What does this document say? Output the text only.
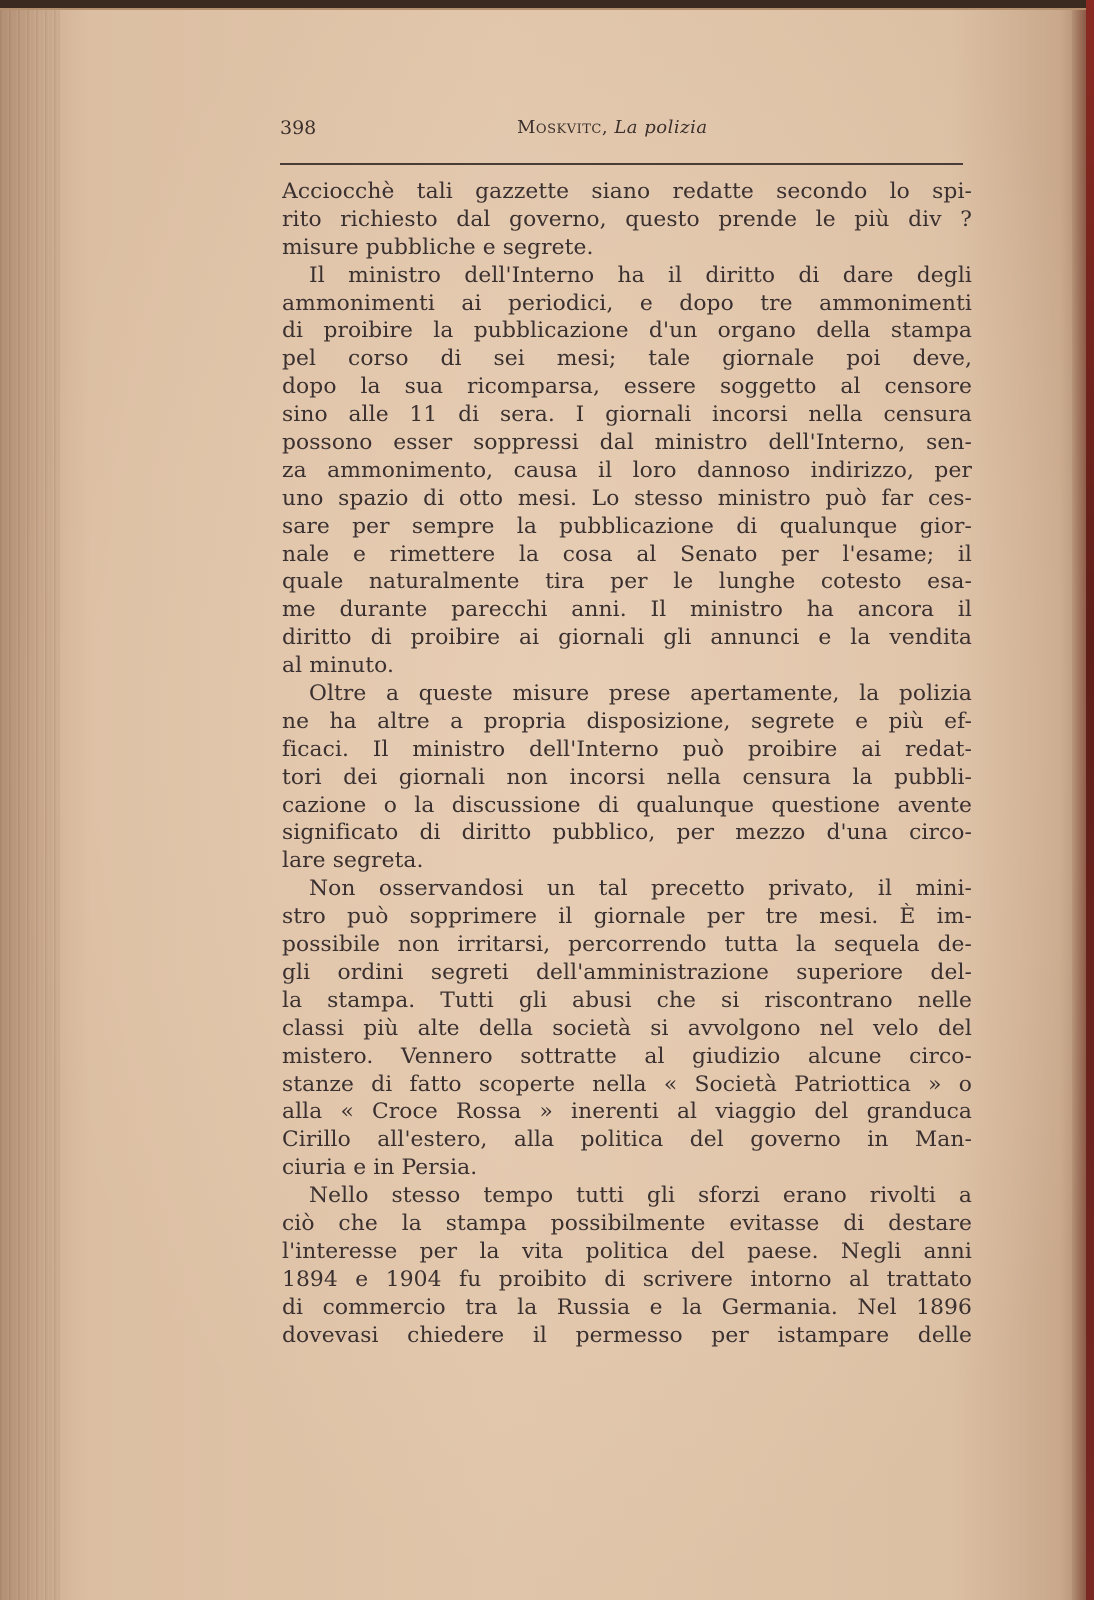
398	Moskvitc, La polizia
Acciocchè tali gazzette siano redatte secondo lo spi-
rito richiesto dal governo, questo prende le più div ?
misure pubbliche e segrete.
Il ministro dell'Interno ha il diritto di dare degli
ammonimenti ai periodici, e dopo tre ammonimenti
di proibire la pubblicazione d'un organo della stampa
pel corso di sei mesi; tale giornale poi deve,
dopo la sua ricomparsa, essere soggetto al censore
sino alle 11 di sera. I giornali incorsi nella censura
possono esser soppressi dal ministro dell'Interno, sen-
za ammonimento, causa il loro dannoso indirizzo, per
uno spazio di otto mesi. Lo stesso ministro può far ces-
sare per sempre la pubblicazione di qualunque gior-
nale e rimettere la cosa al Senato per l'esame; il
quale naturalmente tira per le lunghe cotesto esa-
me durante parecchi anni. Il ministro ha ancora il
diritto di proibire ai giornali gli annunci e la vendita
al minuto.
Oltre a queste misure prese apertamente, la polizia
ne ha altre a propria disposizione, segrete e più ef-
ficaci. Il ministro dell'Interno può proibire ai redat-
tori dei giornali non incorsi nella censura la pubbli-
cazione o la discussione di qualunque questione avente
significato di diritto pubblico, per mezzo d'una circo-
lare segreta.
Non osservandosi un tal precetto privato, il mini-
stro può sopprimere il giornale per tre mesi. È im-
possibile non irritarsi, percorrendo tutta la sequela de-
gli ordini segreti dell'amministrazione superiore del-
la stampa. Tutti gli abusi che si riscontrano nelle
classi più alte della società si avvolgono nel velo del
mistero. Vennero sottratte al giudizio alcune circo-
stanze di fatto scoperte nella « Società Patriottica » o
alla « Croce Rossa » inerenti al viaggio del granduca
Cirillo all'estero, alla politica del governo in Man-
ciuria e in Persia.
Nello stesso tempo tutti gli sforzi erano rivolti a
ciò che la stampa possibilmente evitasse di destare
l'interesse per la vita politica del paese. Negli anni
1894 e 1904 fu proibito di scrivere intorno al trattato
di commercio tra la Russia e la Germania. Nel 1896
dovevasi chiedere il permesso per istampare delle
